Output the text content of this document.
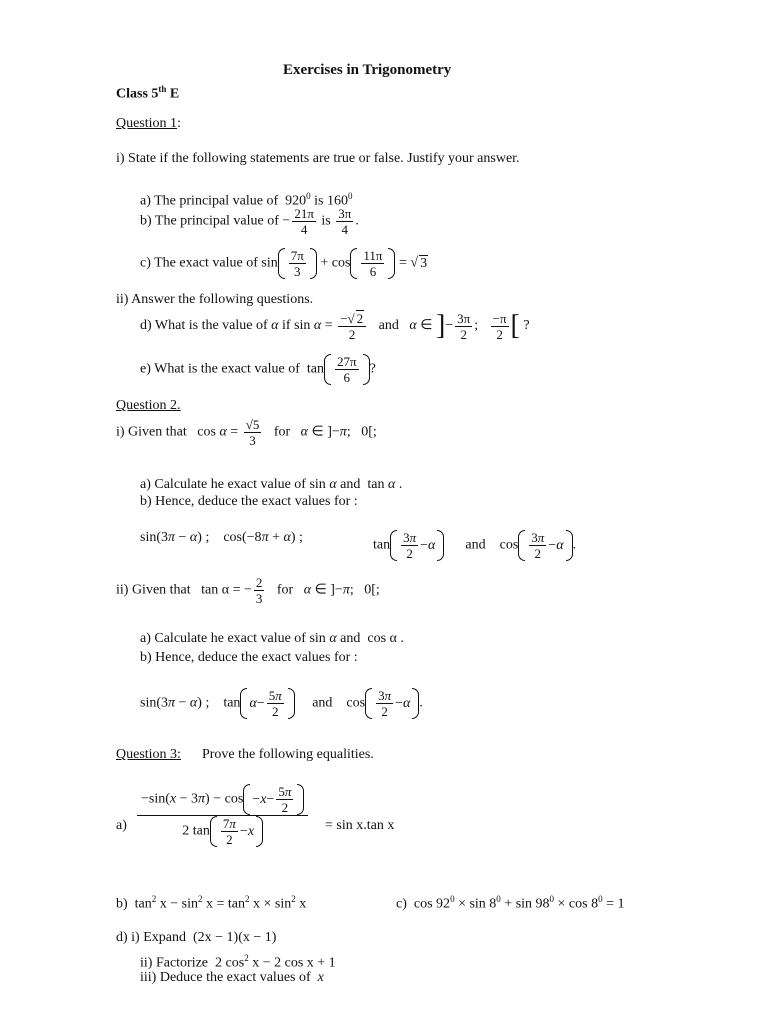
Exercises in Trigonometry
Class 5th E
Question 1:
i) State if the following statements are true or false. Justify your answer.
a) The principal value of $920^0$ is $160^0$
b) The principal value of − $\frac{21\pi}{4}$ is $\frac{3\pi}{4}$ .
c) The exact value of $\sin \frac{7\pi}{3} + \cos \frac{11\pi}{6}$ = √ 3
ii) Answer the following questions.
d) What is the value of α if $\sin \alpha = \frac{-√ 2}{2}$ and α ∈ ]− $\frac{3\pi}{2}$ ; $\frac{-\pi}{2}$ [ ?
e) What is the exact value of  $\tan \frac{27\pi}{6}$ ?
Question 2.
i) Given that   $\cos \alpha = \frac{√5}{3}$ for α ∈ ]−π;   0[;
a) Calculate he exact value of sin α and  tan α .
b) Hence, deduce the exact values for :
sin(3π − α) ;    cos(−8π + α) ;
$\tan \frac{3\pi}{2} - \alpha$ and    $\cos \frac{3\pi}{2} - \alpha$ .
ii) Given that   tan α = − $\frac{2}{3}$ for α ∈ ]−π;   0[;
a) Calculate he exact value of sin α and  cos α .
b) Hence, deduce the exact values for :
sin(3π − α) ;    $\tan \alpha - \frac{5\pi}{2}$ and    $\cos \frac{3\pi}{2} - \alpha$ .
Question 3: Prove the following equalities.
$a) \frac{-\sin(x - 3\pi) - \cos - x - \frac{5\pi}{2}}{2 \tan \frac{7\pi}{2} - x} = \sin x.\tan$ x
b)  $\tan^2 x - \sin^2 x = \tan^2 x \times \sin^2 x$	c)  $\cos 92^0 \times \sin 8^0 + \sin 98^0 \times \cos 8^0 = 1$
d) i) Expand  (2x − 1)(x − 1)
ii) Factorize  2 $\cos^2 x - 2$ cos x + 1
iii) Deduce the exact values of x
